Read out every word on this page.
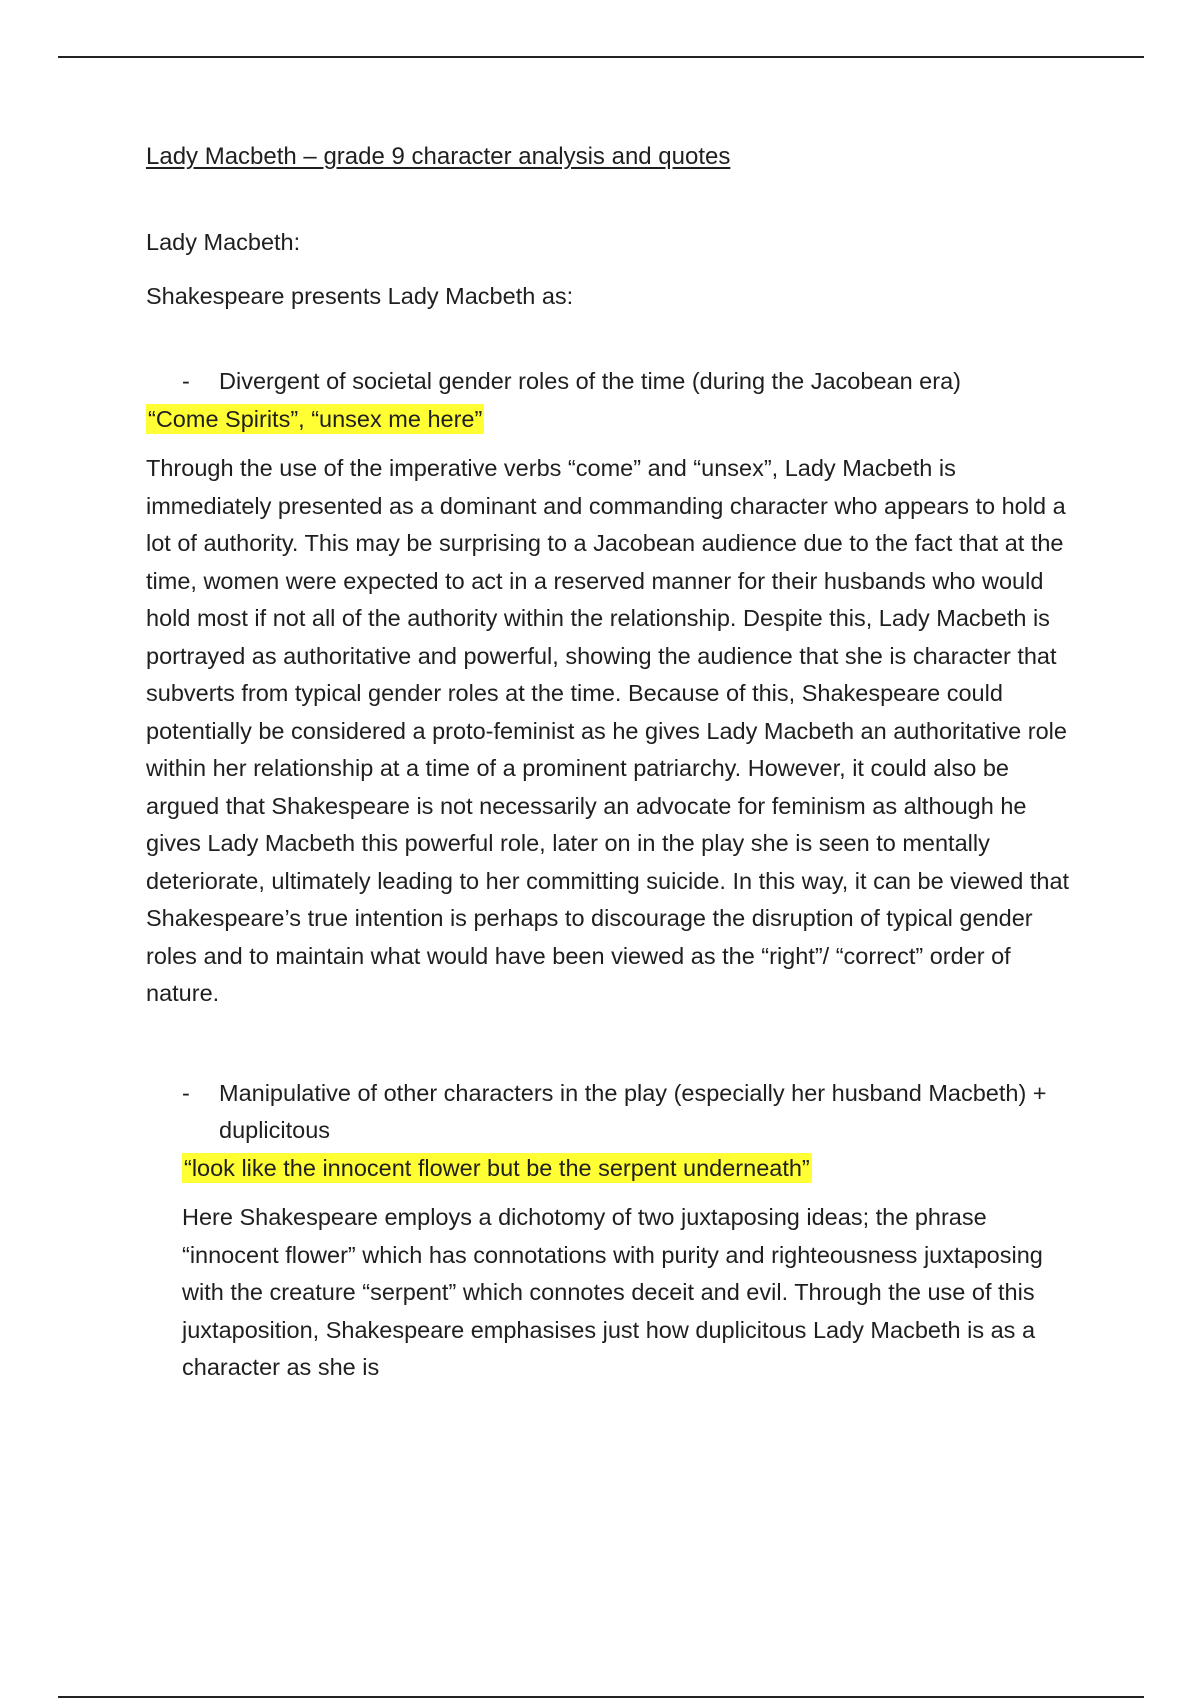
Lady Macbeth – grade 9 character analysis and quotes

Lady Macbeth:

Shakespeare presents Lady Macbeth as:

- Divergent of societal gender roles of the time (during the Jacobean era)

“Come Spirits”, “unsex me here”

Through the use of the imperative verbs “come” and “unsex”, Lady Macbeth is immediately presented as a dominant and commanding character who appears to hold a lot of authority. This may be surprising to a Jacobean audience due to the fact that at the time, women were expected to act in a reserved manner for their husbands who would hold most if not all of the authority within the relationship. Despite this, Lady Macbeth is portrayed as authoritative and powerful, showing the audience that she is character that subverts from typical gender roles at the time. Because of this, Shakespeare could potentially be considered a proto-feminist as he gives Lady Macbeth an authoritative role within her relationship at a time of a prominent patriarchy. However, it could also be argued that Shakespeare is not necessarily an advocate for feminism as although he gives Lady Macbeth this powerful role, later on in the play she is seen to mentally deteriorate, ultimately leading to her committing suicide. In this way, it can be viewed that Shakespeare’s true intention is perhaps to discourage the disruption of typical gender roles and to maintain what would have been viewed as the “right”/ “correct” order of nature.

- Manipulative of other characters in the play (especially her husband Macbeth) + duplicitous

“look like the innocent flower but be the serpent underneath”

Here Shakespeare employs a dichotomy of two juxtaposing ideas; the phrase “innocent flower” which has connotations with purity and righteousness juxtaposing with the creature “serpent” which connotes deceit and evil. Through the use of this juxtaposition, Shakespeare emphasises just how duplicitous Lady Macbeth is as a character as she is
